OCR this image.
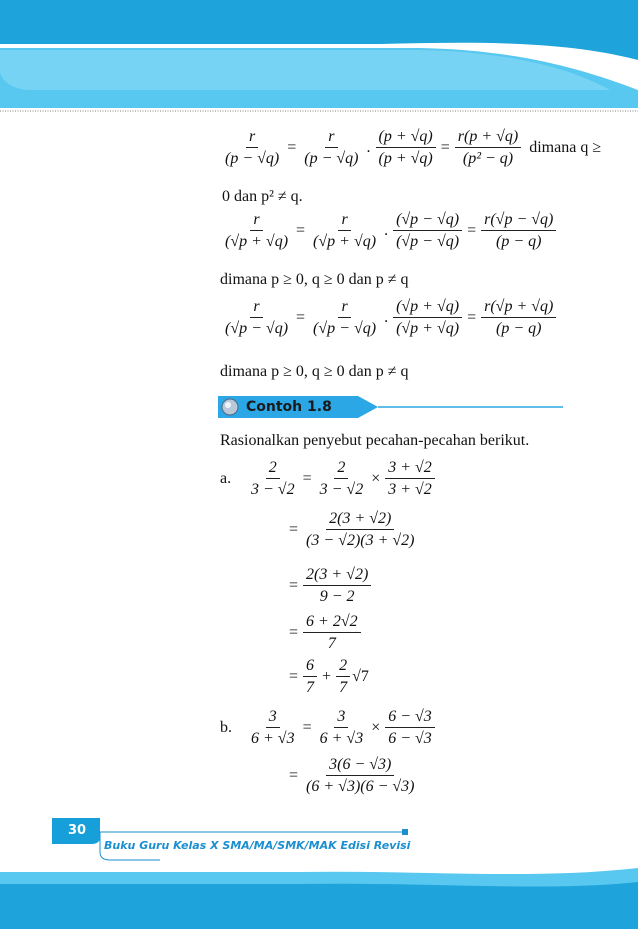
$\frac{r}{(p - √q)} = \frac{r}{(p - √q)}$ . $\frac{(p + √q)}{(p + √q)} = \frac{r(p + √q)}{\text{(p² − q)}}$ dimana q ≥
0 dan p² ≠ q.
$\frac{r}{(√p + √q)} = \frac{r}{(√p + √q)}$ . $\frac{(√p - √q)}{(√p - √q)} = \frac{r(√p - √q)}{(p - q)}$
dimana p ≥ 0, q ≥ 0 dan p ≠ q
$\frac{r}{(√p - √q)} = \frac{r}{(√p - √q)}$ . $\frac{(√p + √q)}{(√p + √q)} = \frac{r(√p + √q)}{(p - q)}$
dimana p ≥ 0, q ≥ 0 dan p ≠ q
Contoh 1.8
Rasionalkan penyebut pecahan-pecahan berikut.
a. $\frac{2}{3 - √2} = \frac{2}{3 - √2} \times \frac{3 + √2}{3 + √2}$
= $\frac{2(3 + √2)}{(3 - √2)(3 + √2)}$
= $\frac{2(3 + √2)}{9 - 2}$
= $\frac{6 + 2√2}{7}$
= $\frac{6}{7} + \frac{2}{7} √7$
b. $\frac{3}{6 + √3} = \frac{3}{6 + √3} \times \frac{6 - √3}{6 - √3}$
= $\frac{3(6 - √3)}{(6 + √3)(6 - √3)}$
30
Buku Guru Kelas X SMA/MA/SMK/MAK Edisi Revisi
